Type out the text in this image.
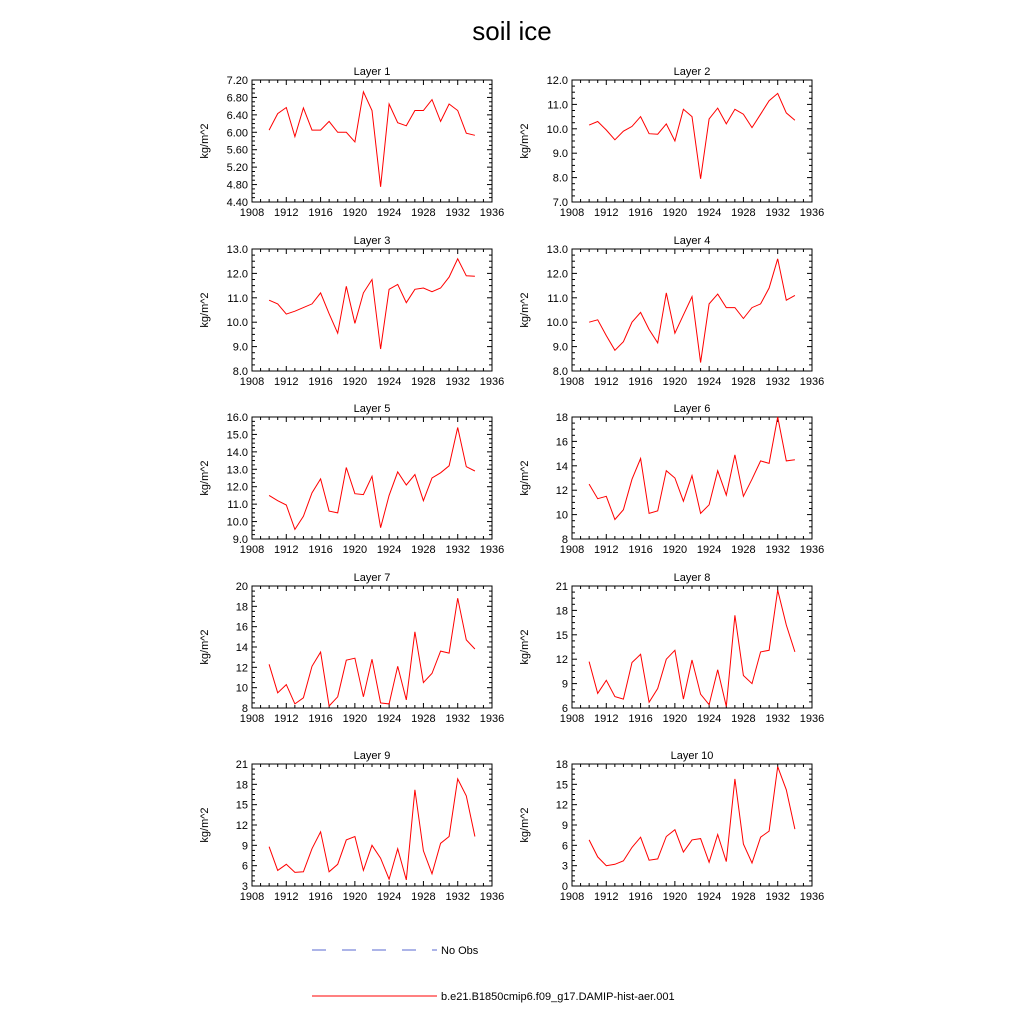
soil ice
Layer 1
kg/m^2
1908 1912 1916 1920 1924 1928 1932 1936
4.40
4.80
5.20
5.60
6.00
6.40
6.80
7.20
Layer 2
kg/m^2
1908 1912 1916 1920 1924 1928 1932 1936
7.0
8.0
9.0
10.0
11.0
12.0
Layer 3
kg/m^2
1908 1912 1916 1920 1924 1928 1932 1936
8.0
9.0
10.0
11.0
12.0
13.0
Layer 4
kg/m^2
1908 1912 1916 1920 1924 1928 1932 1936
8.0
9.0
10.0
11.0
12.0
13.0
Layer 5
kg/m^2
1908 1912 1916 1920 1924 1928 1932 1936
9.0
10.0
11.0
12.0
13.0
14.0
15.0
16.0
Layer 6
kg/m^2
1908 1912 1916 1920 1924 1928 1932 1936
8
10
12
14
16
18
Layer 7
kg/m^2
1908 1912 1916 1920 1924 1928 1932 1936
8
10
12
14
16
18
20
Layer 8
kg/m^2
1908 1912 1916 1920 1924 1928 1932 1936
6
9
12
15
18
21
Layer 9
kg/m^2
1908 1912 1916 1920 1924 1928 1932 1936
3
6
9
12
15
18
21
Layer 10
kg/m^2
1908 1912 1916 1920 1924 1928 1932 1936
0
3
6
9
12
15
18
No Obs
b.e21.B1850cmip6.f09_g17.DAMIP-hist-aer.001
